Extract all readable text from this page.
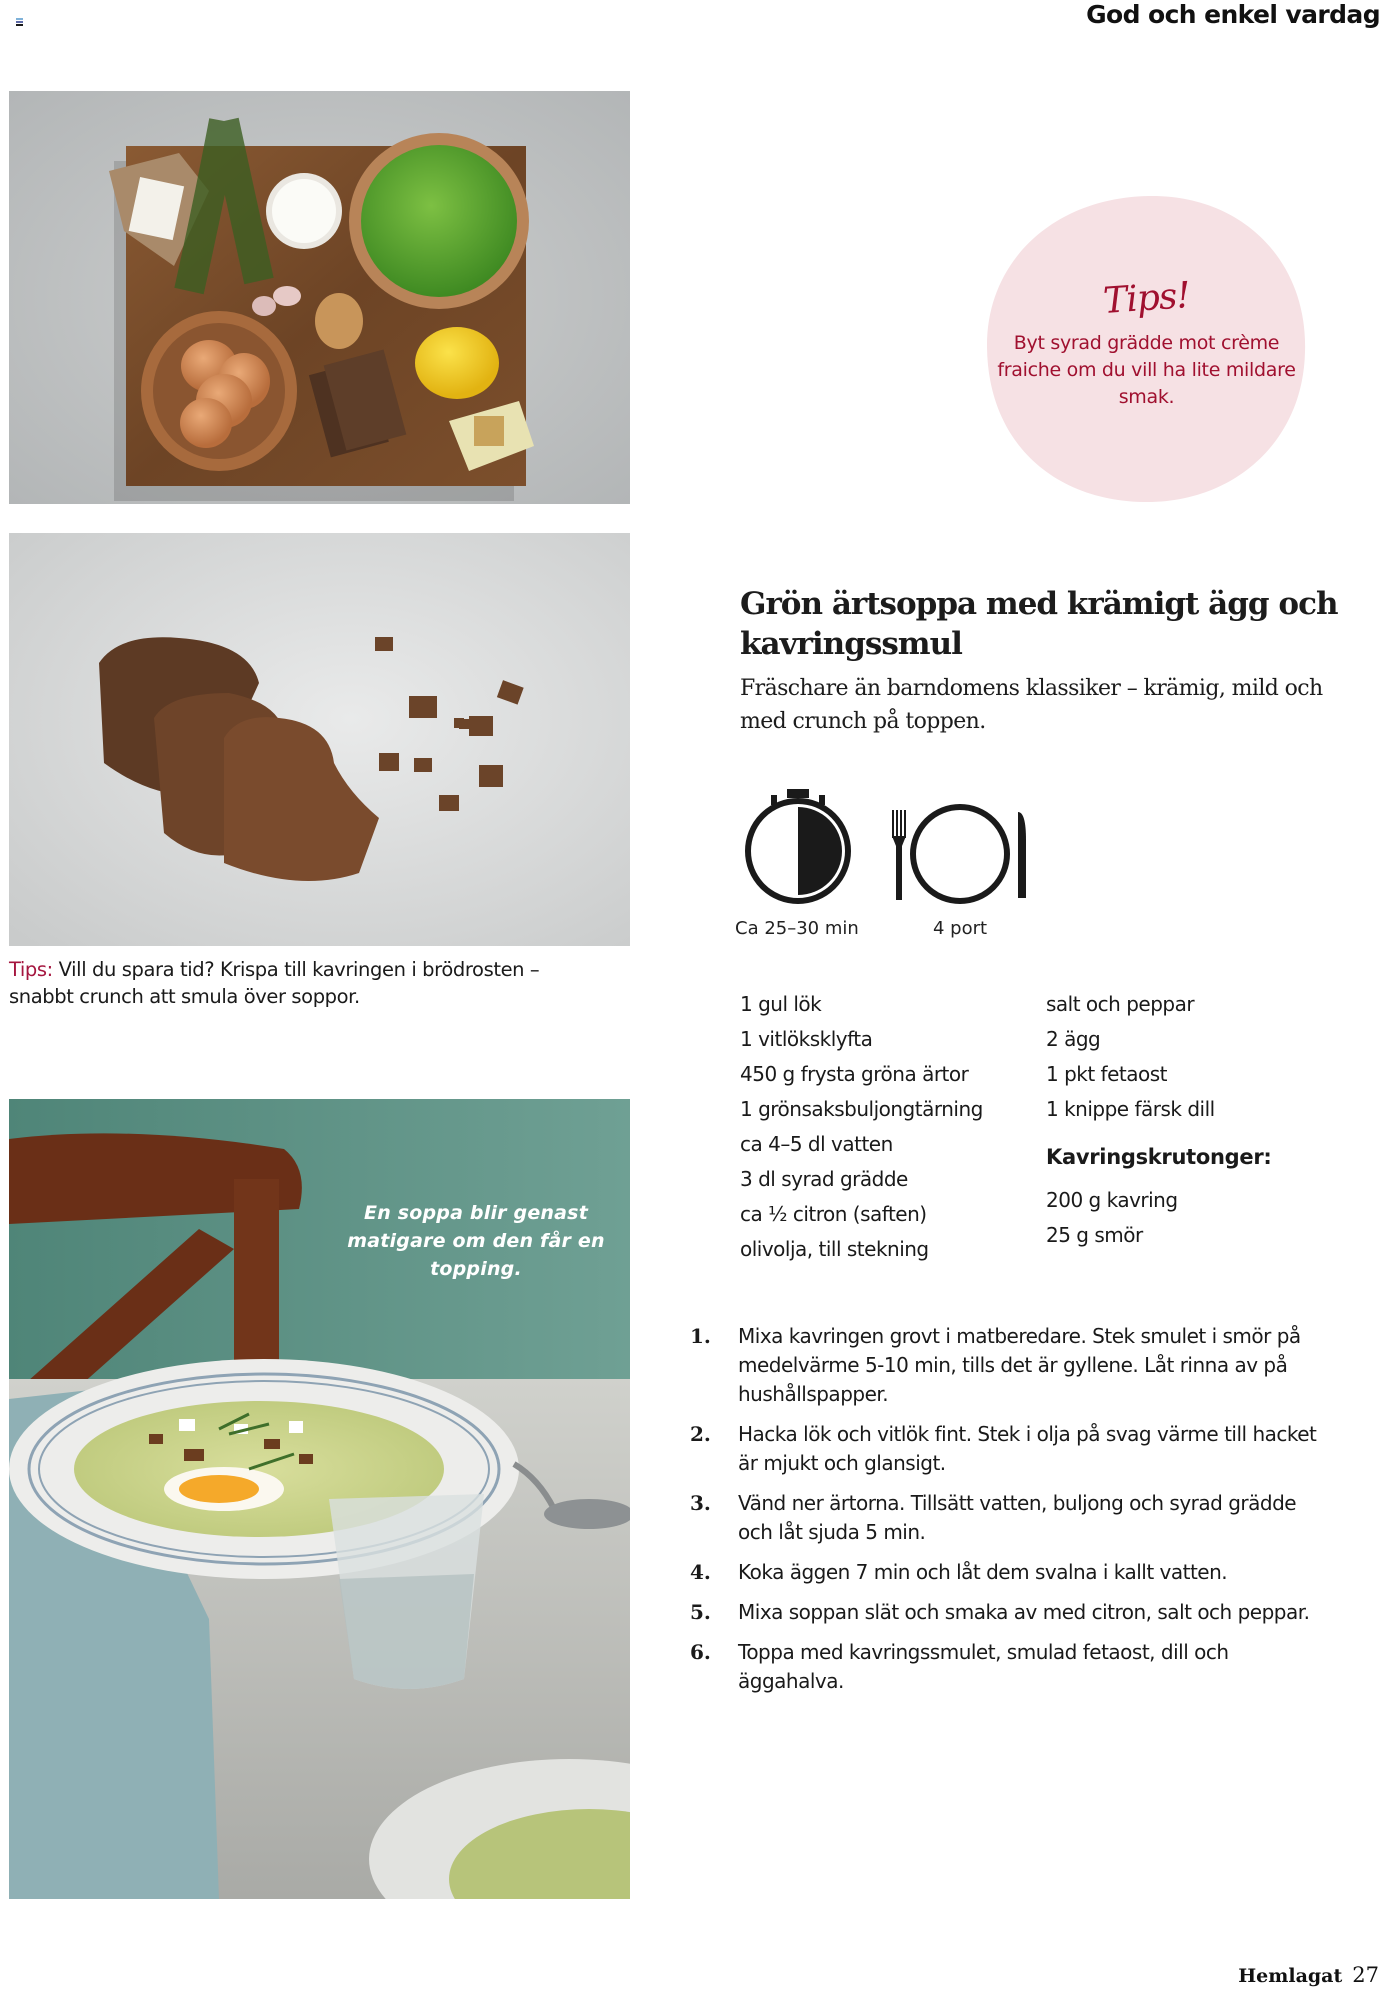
God och enkel vardag
Tips: Vill du spara tid? Krispa till kavringen i brödrosten – snabbt crunch att smula över soppor.
En soppa blir genast matigare om den får en topping.
Tips!
Byt syrad grädde mot crème fraiche om du vill ha lite mildare smak.
Grön ärtsoppa med krämigt ägg och kavringssmul
Fräschare än barndomens klassiker – krämig, mild och med crunch på toppen.
Ca 25–30 min	4 port
1 gul lök
1 vitlöksklyfta
450 g frysta gröna ärtor
1 grönsaksbuljongtärning
ca 4–5 dl vatten
3 dl syrad grädde
ca ½ citron (saften)
olivolja, till stekning
salt och peppar
2 ägg
1 pkt fetaost
1 knippe färsk dill
Kavringskrutonger:
200 g kavring
25 g smör
1.	Mixa kavringen grovt i matberedare. Stek smulet i smör på medelvärme 5-10 min, tills det är gyllene. Låt rinna av på hushållspapper.
2.	Hacka lök och vitlök fint. Stek i olja på svag värme till hacket är mjukt och glansigt.
3.	Vänd ner ärtorna. Tillsätt vatten, buljong och syrad grädde och låt sjuda 5 min.
4.	Koka äggen 7 min och låt dem svalna i kallt vatten.
5.	Mixa soppan slät och smaka av med citron, salt och peppar.
6.	Toppa med kavringssmulet, smulad fetaost, dill och äggahalva.
Hemlagat 27
